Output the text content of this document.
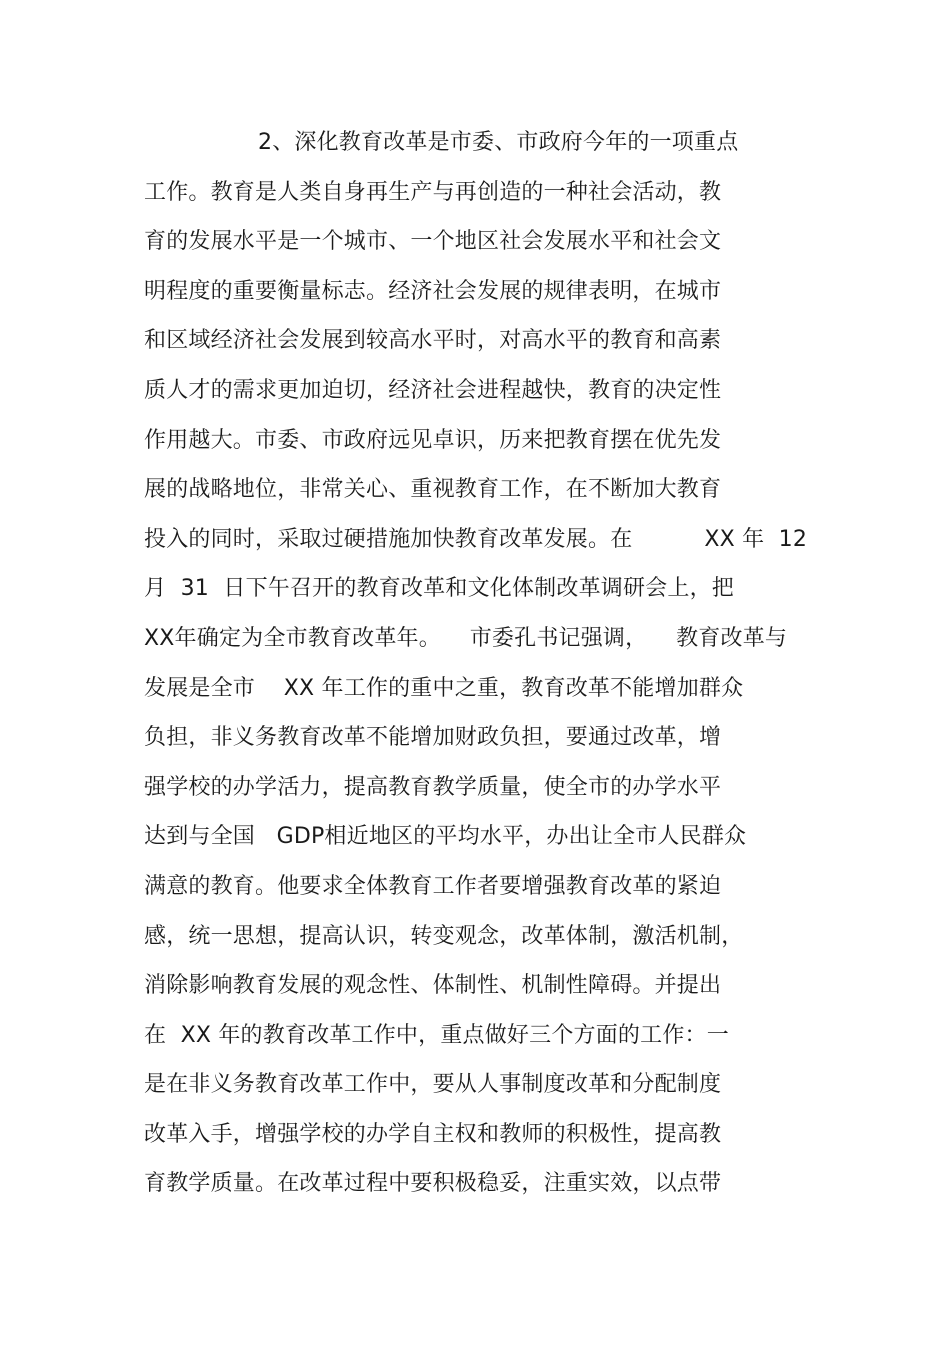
2、深化教育改革是市委、市政府今年的一项重点
工作。教育是人类自身再生产与再创造的一种社会活动，教
育的发展水平是一个城市、一个地区社会发展水平和社会文
明程度的重要衡量标志。经济社会发展的规律表明，在城市
和区域经济社会发展到较高水平时，对高水平的教育和高素
质人才的需求更加迫切，经济社会进程越快，教育的决定性
作用越大。市委、市政府远见卓识，历来把教育摆在优先发
展的战略地位，非常关心、重视教育工作，在不断加大教育
投入的同时，采取过硬措施加快教育改革发展。在          XX 年  12
月  31  日下午召开的教育改革和文化体制改革调研会上，把
XX年确定为全市教育改革年。    市委孔书记强调，    教育改革与
发展是全市    XX 年工作的重中之重，教育改革不能增加群众
负担，非义务教育改革不能增加财政负担，要通过改革，增
强学校的办学活力，提高教育教学质量，使全市的办学水平
达到与全国   GDP相近地区的平均水平，办出让全市人民群众
满意的教育。他要求全体教育工作者要增强教育改革的紧迫
感，统一思想，提高认识，转变观念，改革体制，激活机制，
消除影响教育发展的观念性、体制性、机制性障碍。并提出
在  XX 年的教育改革工作中，重点做好三个方面的工作：一
是在非义务教育改革工作中，要从人事制度改革和分配制度
改革入手，增强学校的办学自主权和教师的积极性，提高教
育教学质量。在改革过程中要积极稳妥，注重实效，以点带
